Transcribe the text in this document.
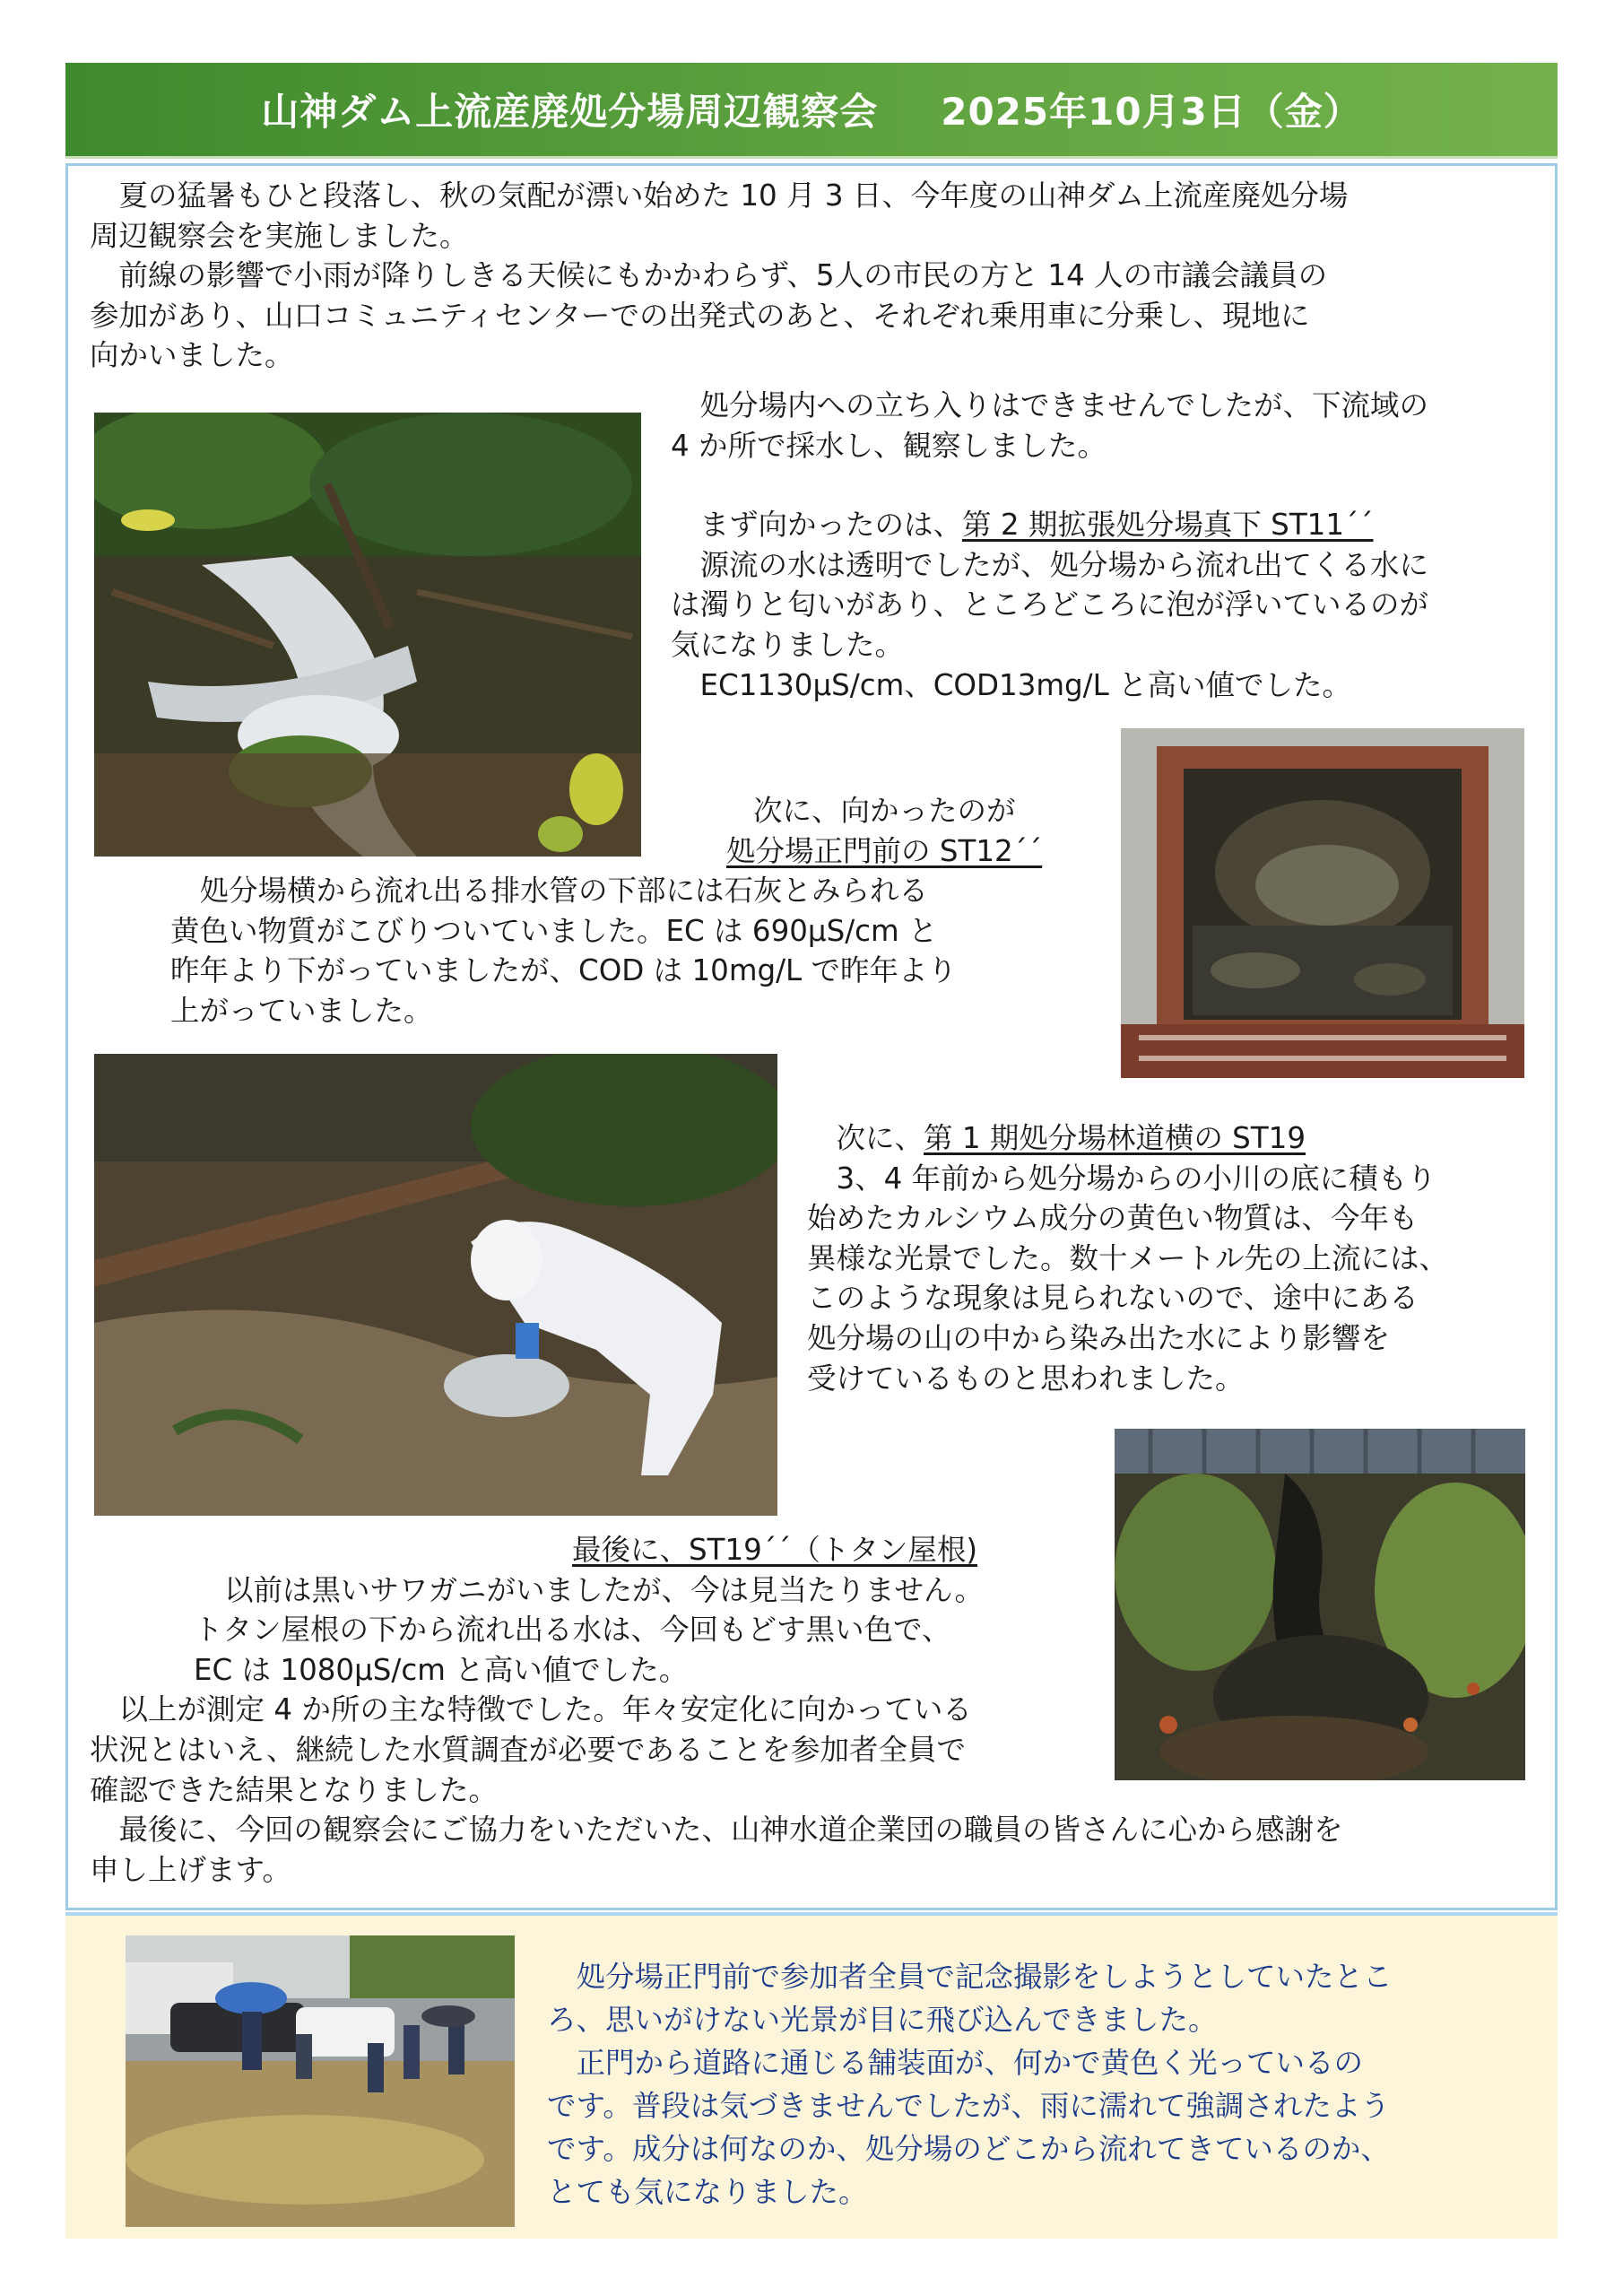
山神ダム上流産廃処分場周辺観察会 2025年10月3日（金）

夏の猛暑もひと段落し、秋の気配が漂い始めた 10 月 3 日、今年度の山神ダム上流産廃処分場

周辺観察会を実施しました。

前線の影響で小雨が降りしきる天候にもかかわらず、5人の市民の方と 14 人の市議会議員の

参加があり、山口コミュニティセンターでの出発式のあと、それぞれ乗用車に分乗し、現地に

向かいました。

処分場内への立ち入りはできませんでしたが、下流域の

4 か所で採水し、観察しました。

まず向かったのは、第 2 期拡張処分場真下 ST11´´

源流の水は透明でしたが、処分場から流れ出てくる水に

は濁りと匂いがあり、ところどころに泡が浮いているのが

気になりました。

EC1130μS/cm、COD13mg/L と高い値でした。

次に、向かったのが

処分場正門前の ST12´´

処分場横から流れ出る排水管の下部には石灰とみられる

黄色い物質がこびりついていました。EC は 690μS/cm と

昨年より下がっていましたが、COD は 10mg/L で昨年より

上がっていました。

次に、第 1 期処分場林道横の ST19

3、4 年前から処分場からの小川の底に積もり

始めたカルシウム成分の黄色い物質は、今年も

異様な光景でした。数十メートル先の上流には、

このような現象は見られないので、途中にある

処分場の山の中から染み出た水により影響を

受けているものと思われました。

最後に、ST19´´（トタン屋根)

以前は黒いサワガニがいましたが、今は見当たりません。

トタン屋根の下から流れ出る水は、今回もどす黒い色で、

EC は 1080μS/cm と高い値でした。

以上が測定 4 か所の主な特徴でした。年々安定化に向かっている

状況とはいえ、継続した水質調査が必要であることを参加者全員で

確認できた結果となりました。

最後に、今回の観察会にご協力をいただいた、山神水道企業団の職員の皆さんに心から感謝を

申し上げます。

処分場正門前で参加者全員で記念撮影をしようとしていたとこ

ろ、思いがけない光景が目に飛び込んできました。

正門から道路に通じる舗装面が、何かで黄色く光っているの

です。普段は気づきませんでしたが、雨に濡れて強調されたよう

です。成分は何なのか、処分場のどこから流れてきているのか、

とても気になりました。
